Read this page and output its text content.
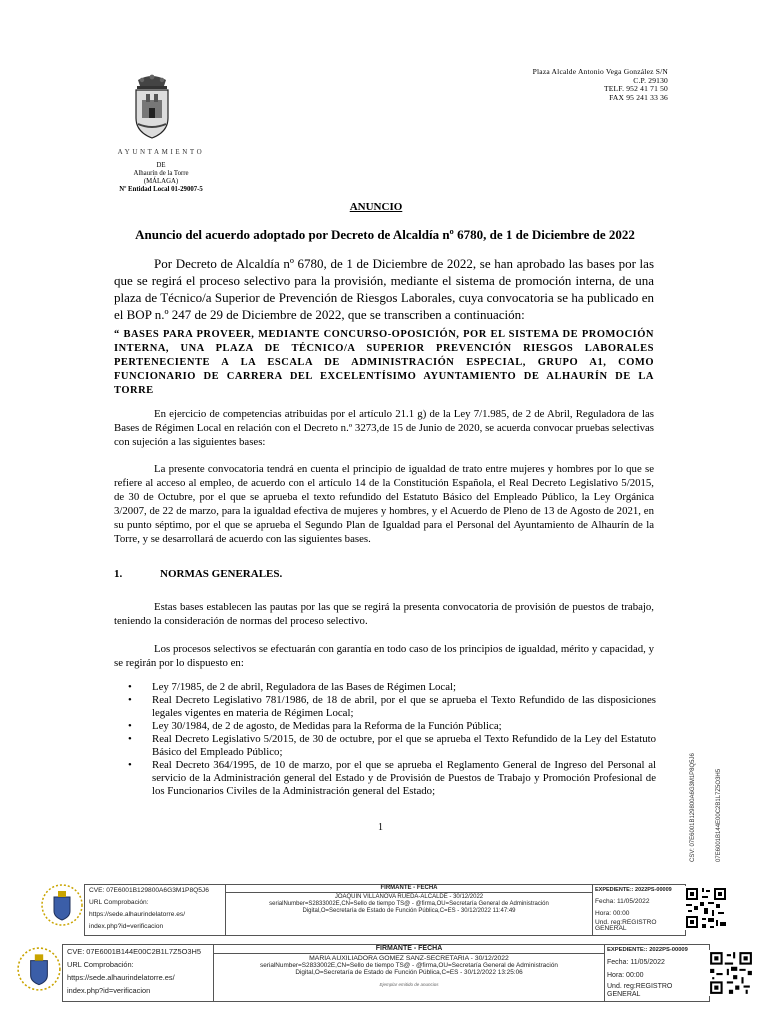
Plaza Alcalde Antonio Vega González S/N
C.P. 29130
TELF. 952 41 71 50
FAX 95 241 33 36
AYUNTAMIENTO
DE
Alhaurín de la Torre
(MÁLAGA)
Nº Entidad Local 01-29007-5
ANUNCIO
Anuncio del acuerdo adoptado por Decreto de Alcaldía nº 6780, de 1 de Diciembre de 2022
Por Decreto de Alcaldía nº 6780, de 1 de Diciembre de 2022, se han aprobado las bases por las que se regirá el proceso selectivo para la provisión, mediante el sistema de promoción interna, de una plaza de Técnico/a Superior de Prevención de Riesgos Laborales, cuya convocatoria se ha publicado en el BOP n.º 247 de 29 de Diciembre de 2022, que se transcriben a continuación:
“ BASES PARA PROVEER, MEDIANTE CONCURSO-OPOSICIÓN, POR EL SISTEMA DE PROMOCIÓN INTERNA, UNA PLAZA DE TÉCNICO/A SUPERIOR PREVENCIÓN RIESGOS LABORALES PERTENECIENTE A LA ESCALA DE ADMINISTRACIÓN ESPECIAL, GRUPO A1, COMO FUNCIONARIO DE CARRERA DEL EXCELENTÍSIMO AYUNTAMIENTO DE ALHAURÍN DE LA TORRE
En ejercicio de competencias atribuidas por el artículo 21.1 g) de la Ley 7/1.985, de 2 de Abril, Reguladora de las Bases de Régimen Local en relación con el Decreto n.º 3273,de 15 de Junio de 2020, se acuerda convocar pruebas selectivas con sujeción a las siguientes bases:
La presente convocatoria tendrá en cuenta el principio de igualdad de trato entre mujeres y hombres por lo que se refiere al acceso al empleo, de acuerdo con el artículo 14 de la Constitución Española, el Real Decreto Legislativo 5/2015, de 30 de Octubre, por el que se aprueba el texto refundido del Estatuto Básico del Empleado Público, la Ley Orgánica 3/2007, de 22 de marzo, para la igualdad efectiva de mujeres y hombres, y el Acuerdo de Pleno de 13 de Agosto de 2021, en su punto séptimo, por el que se aprueba el Segundo Plan de Igualdad para el Personal del Ayuntamiento de Alhaurín de la Torre, y se desarrollará de acuerdo con las siguientes bases.
1.	NORMAS GENERALES.
Estas bases establecen las pautas por las que se regirá la presenta convocatoria de provisión de puestos de trabajo, teniendo la consideración de normas del proceso selectivo.
Los procesos selectivos se efectuarán con garantía en todo caso de los principios de igualdad, mérito y capacidad, y se regirán por lo dispuesto en:
• Ley 7/1985, de 2 de abril, Reguladora de las Bases de Régimen Local;
• Real Decreto Legislativo 781/1986, de 18 de abril, por el que se aprueba el Texto Refundido de las disposiciones legales vigentes en materia de Régimen Local;
• Ley 30/1984, de 2 de agosto, de Medidas para la Reforma de la Función Pública;
• Real Decreto Legislativo 5/2015, de 30 de octubre, por el que se aprueba el Texto Refundido de la Ley del Estatuto Básico del Empleado Público;
• Real Decreto 364/1995, de 10 de marzo, por el que se aprueba el Reglamento General de Ingreso del Personal al servicio de la Administración general del Estado y de Provisión de Puestos de Trabajo y Promoción Profesional de los Funcionarios Civiles de la Administración general del Estado;
1	CSV: 07E6001B129800A6G3M1P8Q5J6	07E6001B144E00C2B1L7Z5O3H5
CVE: 07E6001B129800A6G3M1P8Q5J6
URL Comprobación:
https://sede.alhaurindelatorre.es/
index.php?id=verificacion
FIRMANTE - FECHA
JOAQUIN VILLANOVA RUEDA-ALCALDE - 30/12/2022
serialNumber=S2833002E,CN=Sello de tiempo TS@ - @firma,OU=Secretaría General de Administración
Digital,O=Secretaría de Estado de Función Pública,C=ES - 30/12/2022 11:47:49
EXPEDIENTE:: 2022PS-00009
Fecha: 11/05/2022
Hora: 00:00
Und. reg:REGISTRO GENERAL
CVE: 07E6001B144E00C2B1L7Z5O3H5
URL Comprobación:
https://sede.alhaurindelatorre.es/
index.php?id=verificacion
FIRMANTE - FECHA
MARIA AUXILIADORA GOMEZ SANZ-SECRETARIA - 30/12/2022
serialNumber=S2833002E,CN=Sello de tiempo TS@ - @firma,OU=Secretaría General de Administración
Digital,O=Secretaría de Estado de Función Pública,C=ES - 30/12/2022 13:25:06
Ejemplar emitido de anuncios
EXPEDIENTE:: 2022PS-00009
Fecha: 11/05/2022
Hora: 00:00
Und. reg:REGISTRO GENERAL
